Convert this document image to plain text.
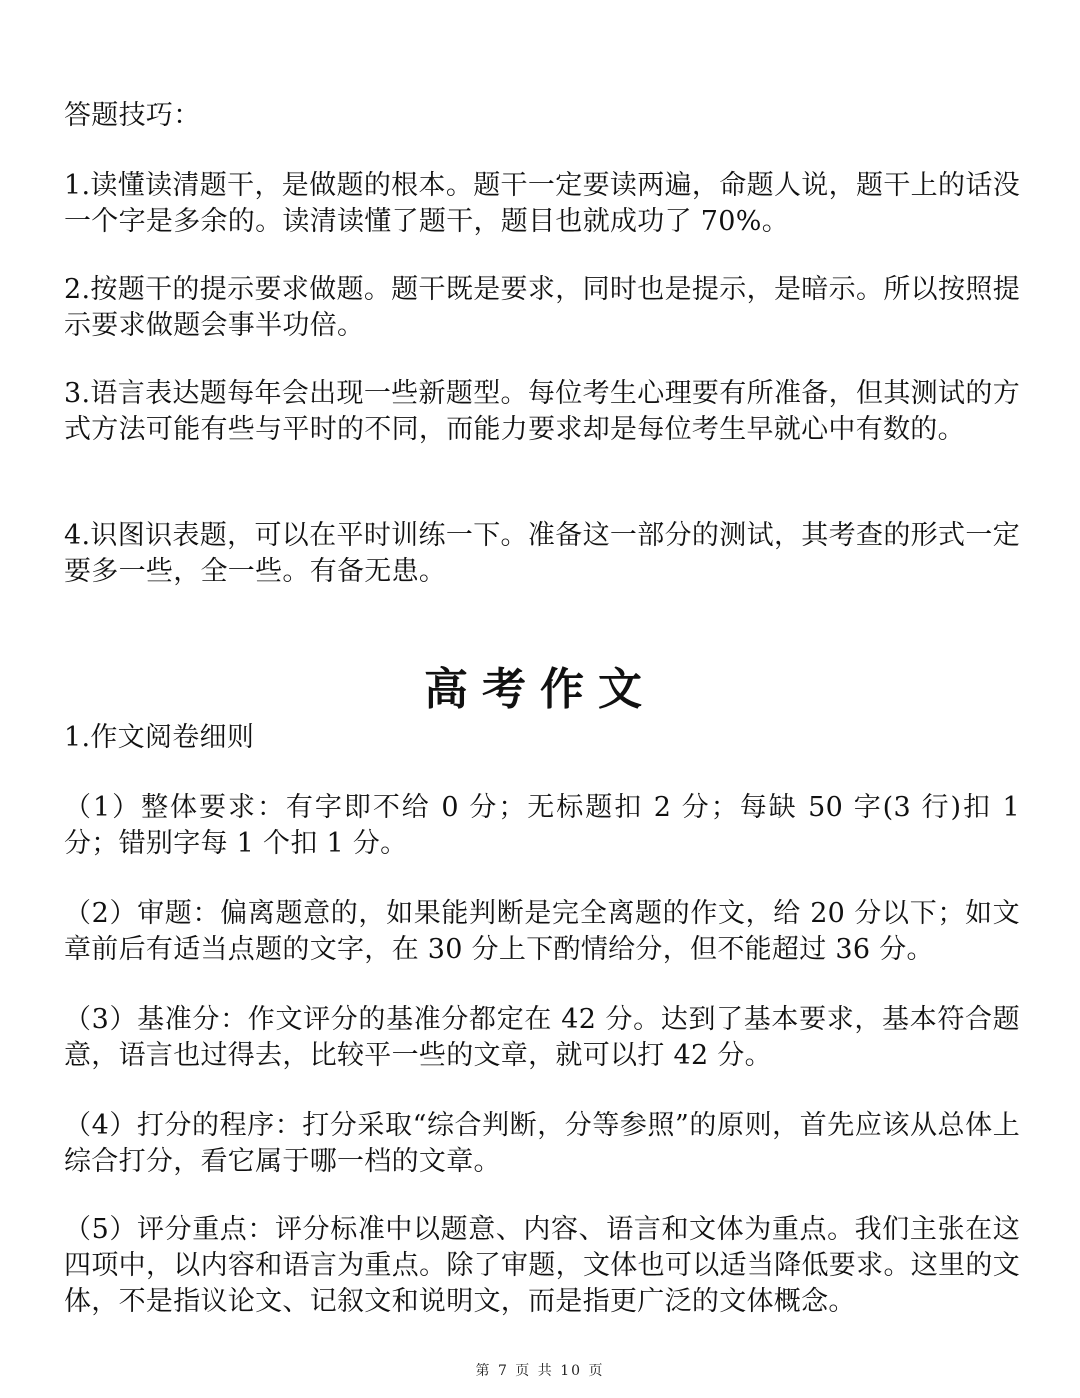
答题技巧：

1.读懂读清题干，是做题的根本。题干一定要读两遍，命题人说，题干上的话没一个字是多余的。读清读懂了题干，题目也就成功了 70%。

2.按题干的提示要求做题。题干既是要求，同时也是提示，是暗示。所以按照提示要求做题会事半功倍。

3.语言表达题每年会出现一些新题型。每位考生心理要有所准备，但其测试的方式方法可能有些与平时的不同，而能力要求却是每位考生早就心中有数的。

4.识图识表题，可以在平时训练一下。准备这一部分的测试，其考查的形式一定要多一些，全一些。有备无患。

高考作文

1.作文阅卷细则

（1）整体要求：有字即不给 0 分；无标题扣 2 分；每缺 50 字(3 行)扣 1 分；错别字每 1 个扣 1 分。

（2）审题：偏离题意的，如果能判断是完全离题的作文，给 20 分以下；如文章前后有适当点题的文字，在 30 分上下酌情给分，但不能超过 36 分。

（3）基准分：作文评分的基准分都定在 42 分。达到了基本要求，基本符合题意，语言也过得去，比较平一些的文章，就可以打 42 分。

（4）打分的程序：打分采取“综合判断，分等参照”的原则，首先应该从总体上综合打分，看它属于哪一档的文章。

（5）评分重点：评分标准中以题意、内容、语言和文体为重点。我们主张在这四项中，以内容和语言为重点。除了审题，文体也可以适当降低要求。这里的文体，不是指议论文、记叙文和说明文，而是指更广泛的文体概念。

第 7 页 共 10 页
